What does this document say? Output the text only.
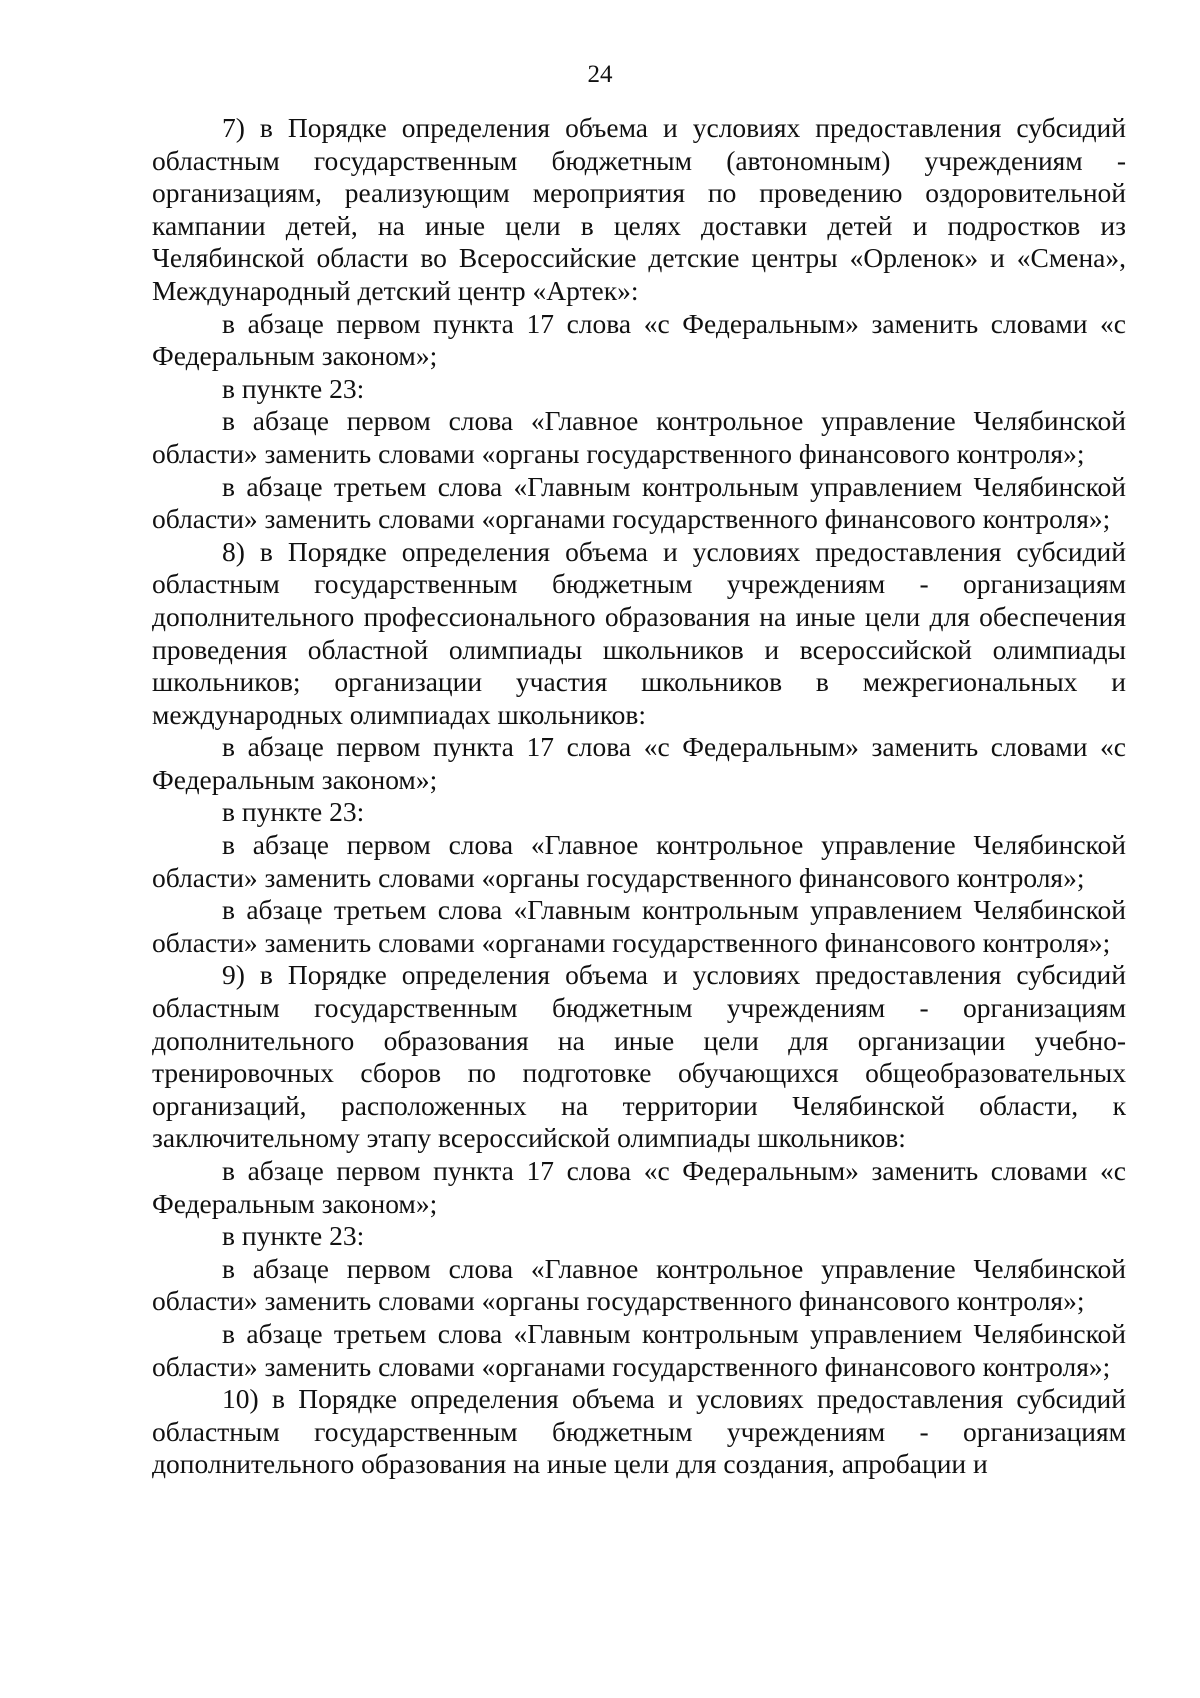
24

7) в Порядке определения объема и условиях предоставления субсидий областным государственным бюджетным (автономным) учреждениям - организациям, реализующим мероприятия по проведению оздоровительной кампании детей, на иные цели в целях доставки детей и подростков из Челябинской области во Всероссийские детские центры «Орленок» и «Смена», Международный детский центр «Артек»:

в абзаце первом пункта 17 слова «с Федеральным» заменить словами «с Федеральным законом»;

в пункте 23:

в абзаце первом слова «Главное контрольное управление Челябинской области» заменить словами «органы государственного финансового контроля»;

в абзаце третьем слова «Главным контрольным управлением Челябинской области» заменить словами «органами государственного финансового контроля»;

8) в Порядке определения объема и условиях предоставления субсидий областным государственным бюджетным учреждениям - организациям дополнительного профессионального образования на иные цели для обеспечения проведения областной олимпиады школьников и всероссийской олимпиады школьников; организации участия школьников в межрегиональных и международных олимпиадах школьников:

в абзаце первом пункта 17 слова «с Федеральным» заменить словами «с Федеральным законом»;

в пункте 23:

в абзаце первом слова «Главное контрольное управление Челябинской области» заменить словами «органы государственного финансового контроля»;

в абзаце третьем слова «Главным контрольным управлением Челябинской области» заменить словами «органами государственного финансового контроля»;

9) в Порядке определения объема и условиях предоставления субсидий областным государственным бюджетным учреждениям - организациям дополнительного образования на иные цели для организации учебно-тренировочных сборов по подготовке обучающихся общеобразовательных организаций, расположенных на территории Челябинской области, к заключительному этапу всероссийской олимпиады школьников:

в абзаце первом пункта 17 слова «с Федеральным» заменить словами «с Федеральным законом»;

в пункте 23:

в абзаце первом слова «Главное контрольное управление Челябинской области» заменить словами «органы государственного финансового контроля»;

в абзаце третьем слова «Главным контрольным управлением Челябинской области» заменить словами «органами государственного финансового контроля»;

10) в Порядке определения объема и условиях предоставления субсидий областным государственным бюджетным учреждениям - организациям дополнительного образования на иные цели для создания, апробации и
